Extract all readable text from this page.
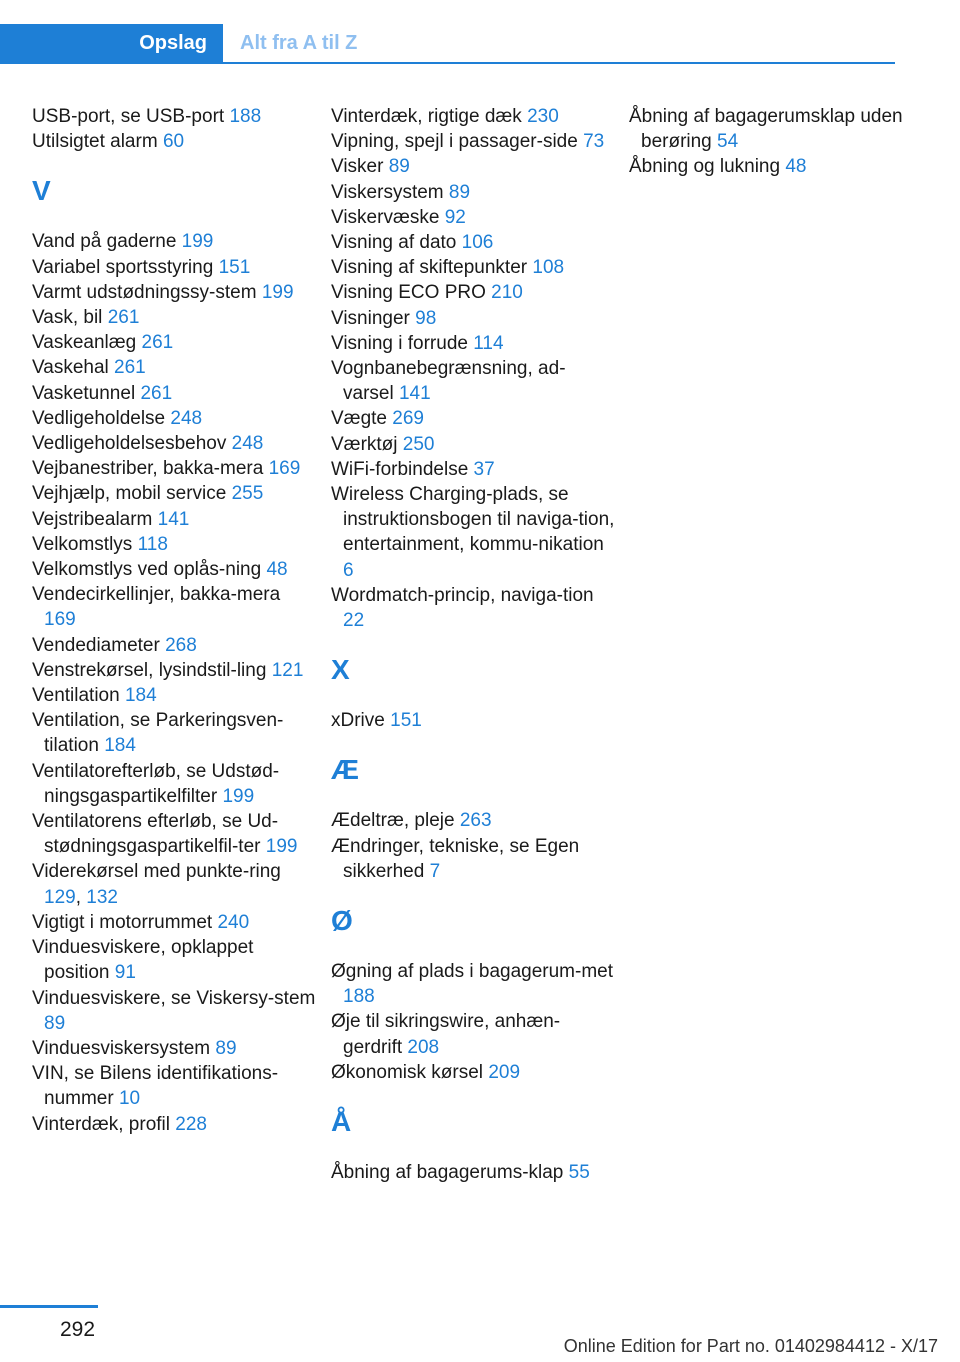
Opslag	Alt fra A til Z
USB-port, se USB-port 188
Utilsigtet alarm 60
V
Vand på gaderne 199
Variabel sportsstyring 151
Varmt udstødningssy-stem 199
Vask, bil 261
Vaskeanlæg 261
Vaskehal 261
Vasketunnel 261
Vedligeholdelse 248
Vedligeholdelsesbehov 248
Vejbanestriber, bakka-mera 169
Vejhjælp, mobil service 255
Vejstribealarm 141
Velkomstlys 118
Velkomstlys ved oplås-ning 48
Vendecirkellinjer, bakka-mera 169
Vendediameter 268
Venstrekørsel, lysindstil-ling 121
Ventilation 184
Ventilation, se Parkeringsven-tilation 184
Ventilatorefterløb, se Udstød-ningsgaspartikelfilter 199
Ventilatorens efterløb, se Ud-stødningsgaspartikelfil-ter 199
Viderekørsel med punkte-ring 129, 132
Vigtigt i motorrummet 240
Vinduesviskere, opklappet position 91
Vinduesviskere, se Viskersy-stem 89
Vinduesviskersystem 89
VIN, se Bilens identifikations-nummer 10
Vinterdæk, profil 228
Vinterdæk, rigtige dæk 230
Vipning, spejl i passager-side 73
Visker 89
Viskersystem 89
Viskervæske 92
Visning af dato 106
Visning af skiftepunkter 108
Visning ECO PRO 210
Visninger 98
Visning i forrude 114
Vognbanebegrænsning, ad-varsel 141
Vægte 269
Værktøj 250
WiFi-forbindelse 37
Wireless Charging-plads, se instruktionsbogen til naviga-tion, entertainment, kommu-nikation 6
Wordmatch-princip, naviga-tion 22
X
xDrive 151
Æ
Ædeltræ, pleje 263
Ændringer, tekniske, se Egen sikkerhed 7
Ø
Øgning af plads i bagagerum-met 188
Øje til sikringswire, anhæn-gerdrift 208
Økonomisk kørsel 209
Å
Åbning af bagagerums-klap 55
Åbning af bagagerumsklap uden berøring 54
Åbning og lukning 48
292
Online Edition for Part no. 01402984412 - X/17
